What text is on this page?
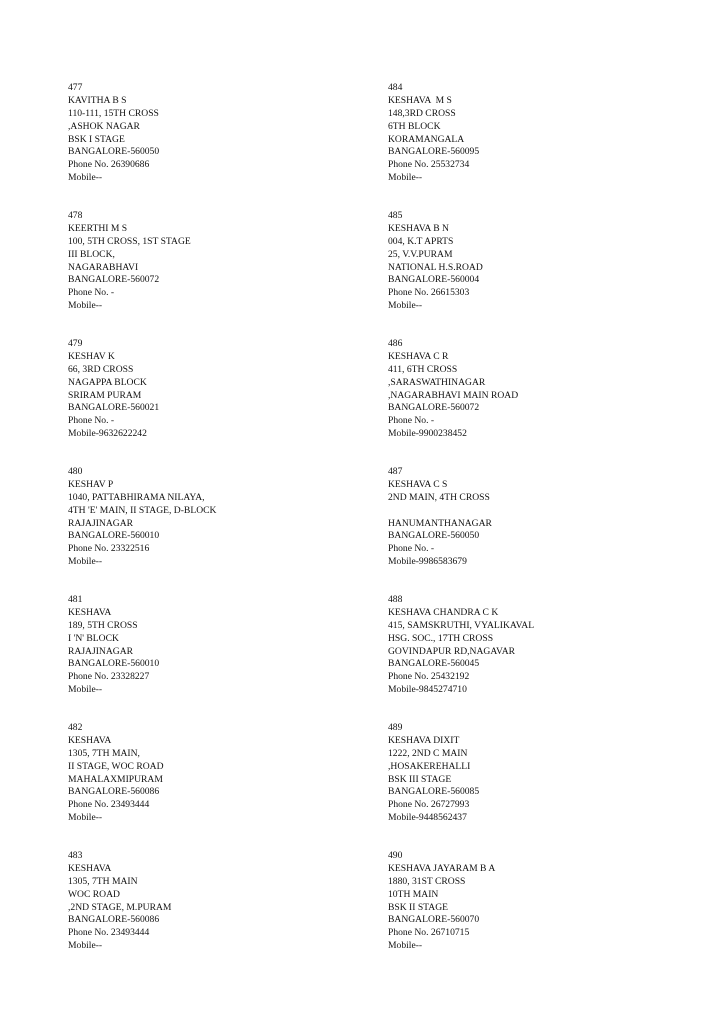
477
KAVITHA B S
110-111, 15TH CROSS
,ASHOK NAGAR
BSK I STAGE
BANGALORE-560050
Phone No. 26390686
Mobile--
478
KEERTHI M S
100, 5TH CROSS, 1ST STAGE
III BLOCK,
NAGARABHAVI
BANGALORE-560072
Phone No. -
Mobile--
479
KESHAV K
66, 3RD CROSS
NAGAPPA BLOCK
SRIRAM PURAM
BANGALORE-560021
Phone No. -
Mobile-9632622242
480
KESHAV P
1040, PATTABHIRAMA NILAYA,
4TH 'E' MAIN, II STAGE, D-BLOCK
RAJAJINAGAR
BANGALORE-560010
Phone No. 23322516
Mobile--
481
KESHAVA
189, 5TH CROSS
I 'N' BLOCK
RAJAJINAGAR
BANGALORE-560010
Phone No. 23328227
Mobile--
482
KESHAVA
1305, 7TH MAIN,
II STAGE, WOC ROAD
MAHALAXMIPURAM
BANGALORE-560086
Phone No. 23493444
Mobile--
483
KESHAVA
1305, 7TH MAIN
WOC ROAD
,2ND STAGE, M.PURAM
BANGALORE-560086
Phone No. 23493444
Mobile--
484
KESHAVA  M S
148,3RD CROSS
6TH BLOCK
KORAMANGALA
BANGALORE-560095
Phone No. 25532734
Mobile--
485
KESHAVA B N
004, K.T APRTS
25, V.V.PURAM
NATIONAL H.S.ROAD
BANGALORE-560004
Phone No. 26615303
Mobile--
486
KESHAVA C R
411, 6TH CROSS
,SARASWATHINAGAR
,NAGARABHAVI MAIN ROAD
BANGALORE-560072
Phone No. -
Mobile-9900238452
487
KESHAVA C S
2ND MAIN, 4TH CROSS
HANUMANTHANAGAR
BANGALORE-560050
Phone No. -
Mobile-9986583679
488
KESHAVA CHANDRA C K
415, SAMSKRUTHI, VYALIKAVAL
HSG. SOC., 17TH CROSS
GOVINDAPUR RD,NAGAVAR
BANGALORE-560045
Phone No. 25432192
Mobile-9845274710
489
KESHAVA DIXIT
1222, 2ND C MAIN
,HOSAKEREHALLI
BSK III STAGE
BANGALORE-560085
Phone No. 26727993
Mobile-9448562437
490
KESHAVA JAYARAM B A
1880, 31ST CROSS
10TH MAIN
BSK II STAGE
BANGALORE-560070
Phone No. 26710715
Mobile--
